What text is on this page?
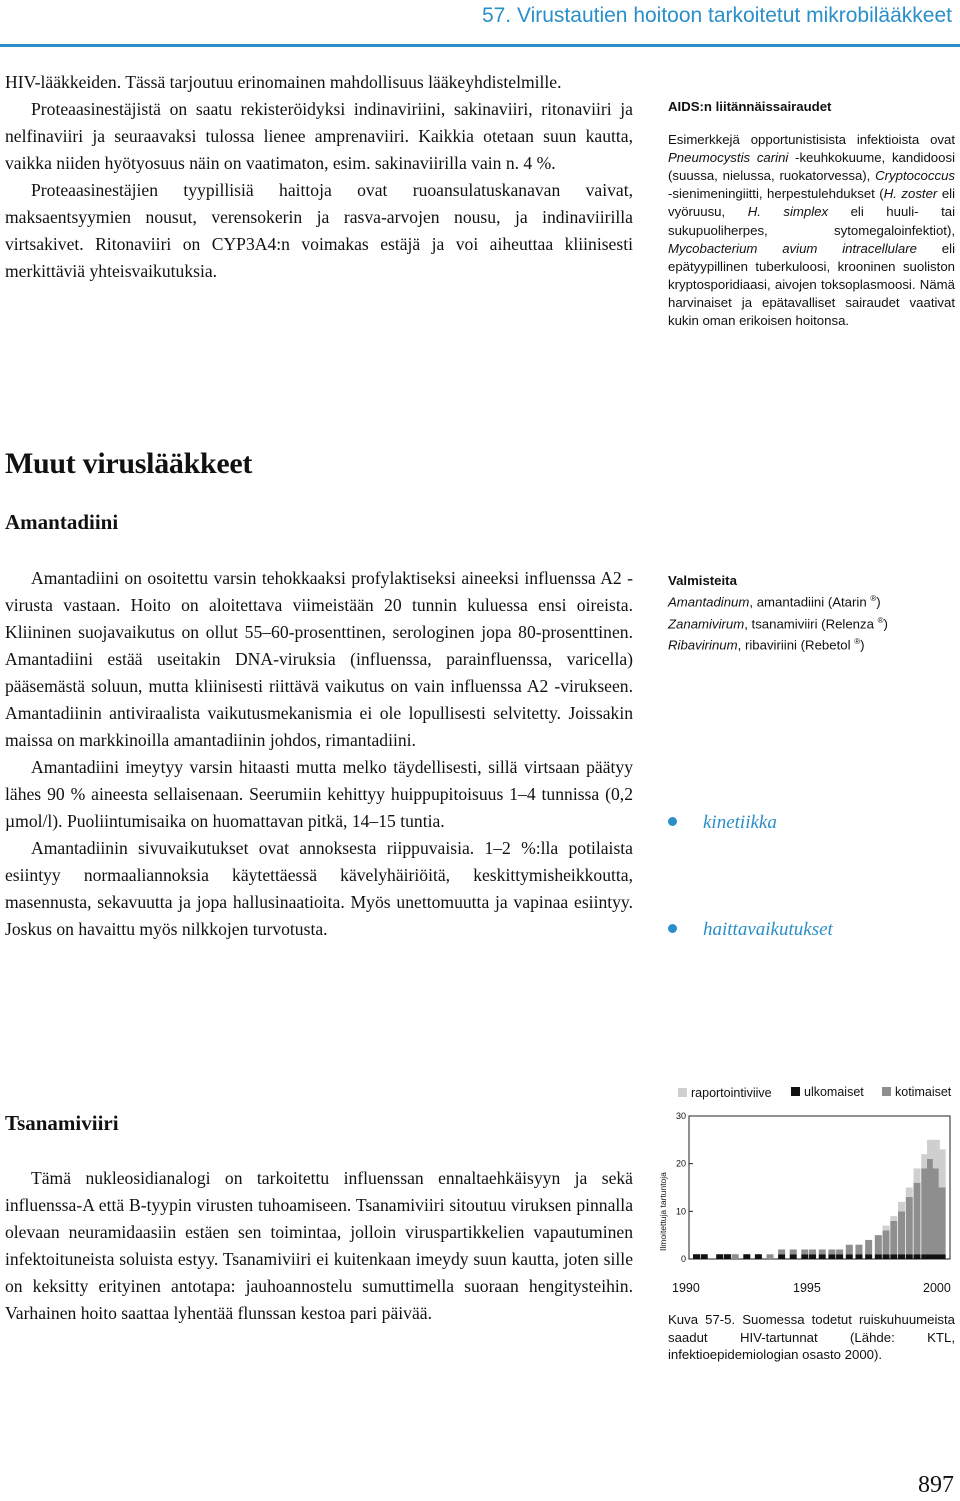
57. Virustautien hoitoon tarkoitetut mikrobilääkkeet

HIV-lääkkeiden. Tässä tarjoutuu erinomainen mahdollisuus lääkeyhdistelmille.

Proteaasinestäjistä on saatu rekisteröidyksi indinaviriini, sakinaviiri, ritonaviiri ja nelfinaviiri ja seuraavaksi tulossa lienee amprenaviiri. Kaikkia otetaan suun kautta, vaikka niiden hyötyosuus näin on vaatimaton, esim. sakinaviirilla vain n. 4 %.

Proteaasinestäjien tyypillisiä haittoja ovat ruoansulatuskanavan vaivat, maksaentsyymien nousut, verensokerin ja rasva-arvojen nousu, ja indinaviirilla virtsakivet. Ritonaviiri on CYP3A4:n voimakas estäjä ja voi aiheuttaa kliinisesti merkittäviä yhteisvaikutuksia.

AIDS:n liitännäissairaudet

Esimerkkejä opportunistisista infektioista ovat Pneumocystis carini -keuhkokuume, kandidoosi (suussa, nielussa, ruokatorvessa), Cryptococcus -sienimeningiitti, herpestulehdukset (H. zoster eli vyöruusu, H. simplex eli huuli- tai sukupuoliherpes, sytomegaloinfektiot), Mycobacterium avium intracellulare eli epätyypillinen tuberkuloosi, krooninen suoliston kryptosporidiaasi, aivojen toksoplasmoosi. Nämä harvinaiset ja epätavalliset sairaudet vaativat kukin oman erikoisen hoitonsa.

Muut viruslääkkeet
Amantadiini

Amantadiini on osoitettu varsin tehokkaaksi profylaktiseksi aineeksi influenssa A2 -virusta vastaan. Hoito on aloitettava viimeistään 20 tunnin kuluessa ensi oireista. Kliininen suojavaikutus on ollut 55–60-prosenttinen, serologinen jopa 80-prosenttinen. Amantadiini estää useitakin DNA-viruksia (influenssa, parainfluenssa, varicella) pääsemästä soluun, mutta kliinisesti riittävä vaikutus on vain influenssa A2 -virukseen. Amantadiinin antiviraalista vaikutusmekanismia ei ole lopullisesti selvitetty. Joissakin maissa on markkinoilla amantadiinin johdos, rimantadiini.

Amantadiini imeytyy varsin hitaasti mutta melko täydellisesti, sillä virtsaan päätyy lähes 90 % aineesta sellaisenaan. Seerumiin kehittyy huippupitoisuus 1–4 tunnissa (0,2 µmol/l). Puoliintumisaika on huomattavan pitkä, 14–15 tuntia.

Amantadiinin sivuvaikutukset ovat annoksesta riippuvaisia. 1–2 %:lla potilaista esiintyy normaaliannoksia käytettäessä kävelyhäiriöitä, keskittymisheikkoutta, masennusta, sekavuutta ja jopa hallusinaatioita. Myös unettomuutta ja vapinaa esiintyy. Joskus on havaittu myös nilkkojen turvotusta.

Valmisteita
Amantadinum, amantadiini (Atarin ®)
Zanamivirum, tsanamiviiri (Relenza ®)
Ribavirinum, ribaviriini (Rebetol ®)
kinetiikka
haittavaikutukset
Tsanamiviiri

Tämä nukleosidianalogi on tarkoitettu influenssan ennaltaehkäisyyn ja sekä influenssa-A että B-tyypin virusten tuhoamiseen. Tsanamiviiri sitoutuu viruksen pinnalla olevaan neuramidaasiin estäen sen toimintaa, jolloin viruspartikkelien vapautuminen infektoituneista soluista estyy. Tsanamiviiri ei kuitenkaan imeydy suun kautta, joten sille on keksitty erityinen antotapa: jauhoannostelu sumuttimella suoraan hengitysteihin. Varhainen hoito saattaa lyhentää flunssan kestoa pari päivää.

raportointiviive	ulkomaiset	kotimaiset
0
10
20
30
Ilmoitettuja tartuntoja
1990	1995	2000
Kuva 57-5. Suomessa todetut ruiskuhuumeista saadut HIV-tartunnat (Lähde: KTL, infektioepidemiologian osasto 2000).
897
